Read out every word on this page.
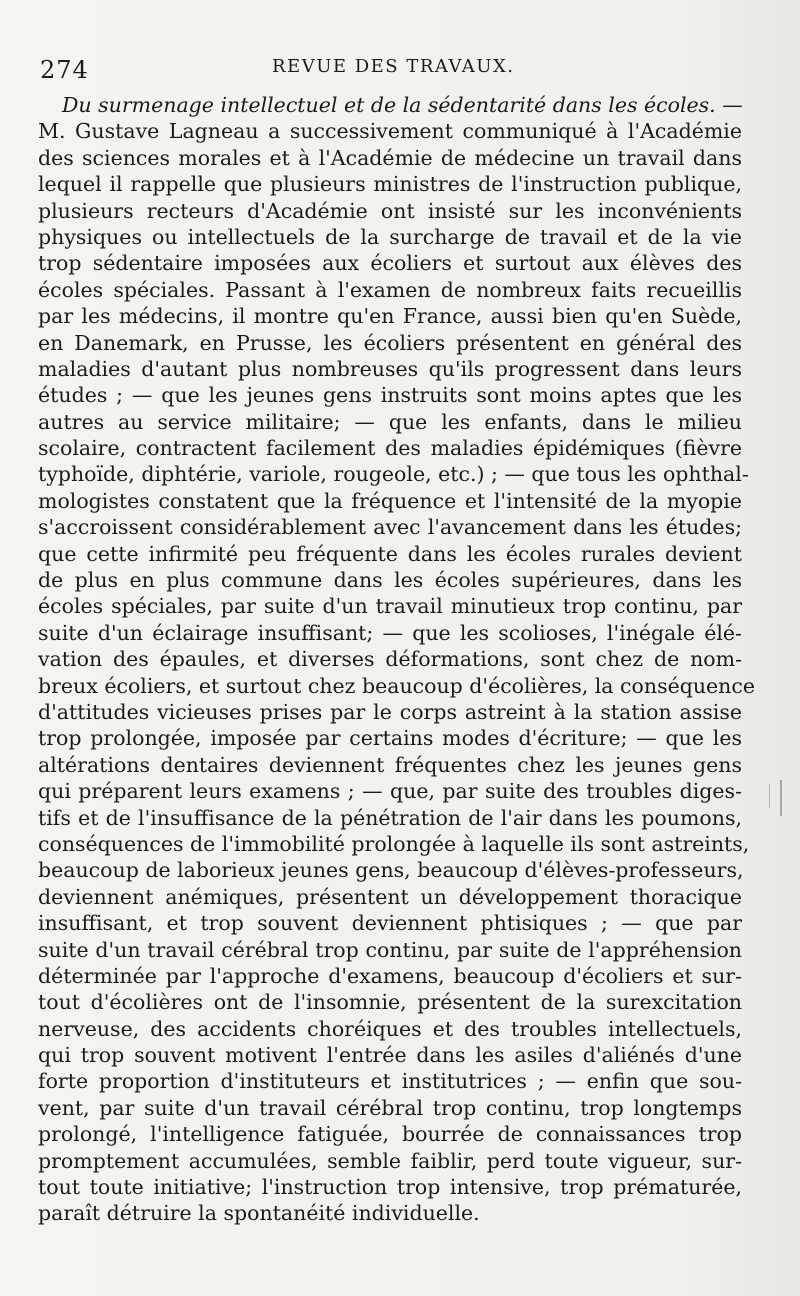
274	REVUE DES TRAVAUX.
Du surmenage intellectuel et de la sédentarité dans les écoles. —
M. Gustave Lagneau a successivement communiqué à l'Académie
des sciences morales et à l'Académie de médecine un travail dans
lequel il rappelle que plusieurs ministres de l'instruction publique,
plusieurs recteurs d'Académie ont insisté sur les inconvénients
physiques ou intellectuels de la surcharge de travail et de la vie
trop sédentaire imposées aux écoliers et surtout aux élèves des
écoles spéciales. Passant à l'examen de nombreux faits recueillis
par les médecins, il montre qu'en France, aussi bien qu'en Suède,
en Danemark, en Prusse, les écoliers présentent en général des
maladies d'autant plus nombreuses qu'ils progressent dans leurs
études ; — que les jeunes gens instruits sont moins aptes que les
autres au service militaire; — que les enfants, dans le milieu
scolaire, contractent facilement des maladies épidémiques (fièvre
typhoïde, diphtérie, variole, rougeole, etc.) ; — que tous les ophthal-
mologistes constatent que la fréquence et l'intensité de la myopie
s'accroissent considérablement avec l'avancement dans les études;
que cette infirmité peu fréquente dans les écoles rurales devient
de plus en plus commune dans les écoles supérieures, dans les
écoles spéciales, par suite d'un travail minutieux trop continu, par
suite d'un éclairage insuffisant; — que les scolioses, l'inégale élé-
vation des épaules, et diverses déformations, sont chez de nom-
breux écoliers, et surtout chez beaucoup d'écolières, la conséquence
d'attitudes vicieuses prises par le corps astreint à la station assise
trop prolongée, imposée par certains modes d'écriture; — que les
altérations dentaires deviennent fréquentes chez les jeunes gens
qui préparent leurs examens ; — que, par suite des troubles diges-
tifs et de l'insuffisance de la pénétration de l'air dans les poumons,
conséquences de l'immobilité prolongée à laquelle ils sont astreints,
beaucoup de laborieux jeunes gens, beaucoup d'élèves-professeurs,
deviennent anémiques, présentent un développement thoracique
insuffisant, et trop souvent deviennent phtisiques ; — que par
suite d'un travail cérébral trop continu, par suite de l'appréhension
déterminée par l'approche d'examens, beaucoup d'écoliers et sur-
tout d'écolières ont de l'insomnie, présentent de la surexcitation
nerveuse, des accidents choréiques et des troubles intellectuels,
qui trop souvent motivent l'entrée dans les asiles d'aliénés d'une
forte proportion d'instituteurs et institutrices ; — enfin que sou-
vent, par suite d'un travail cérébral trop continu, trop longtemps
prolongé, l'intelligence fatiguée, bourrée de connaissances trop
promptement accumulées, semble faiblir, perd toute vigueur, sur-
tout toute initiative; l'instruction trop intensive, trop prématurée,
paraît détruire la spontanéité individuelle.
